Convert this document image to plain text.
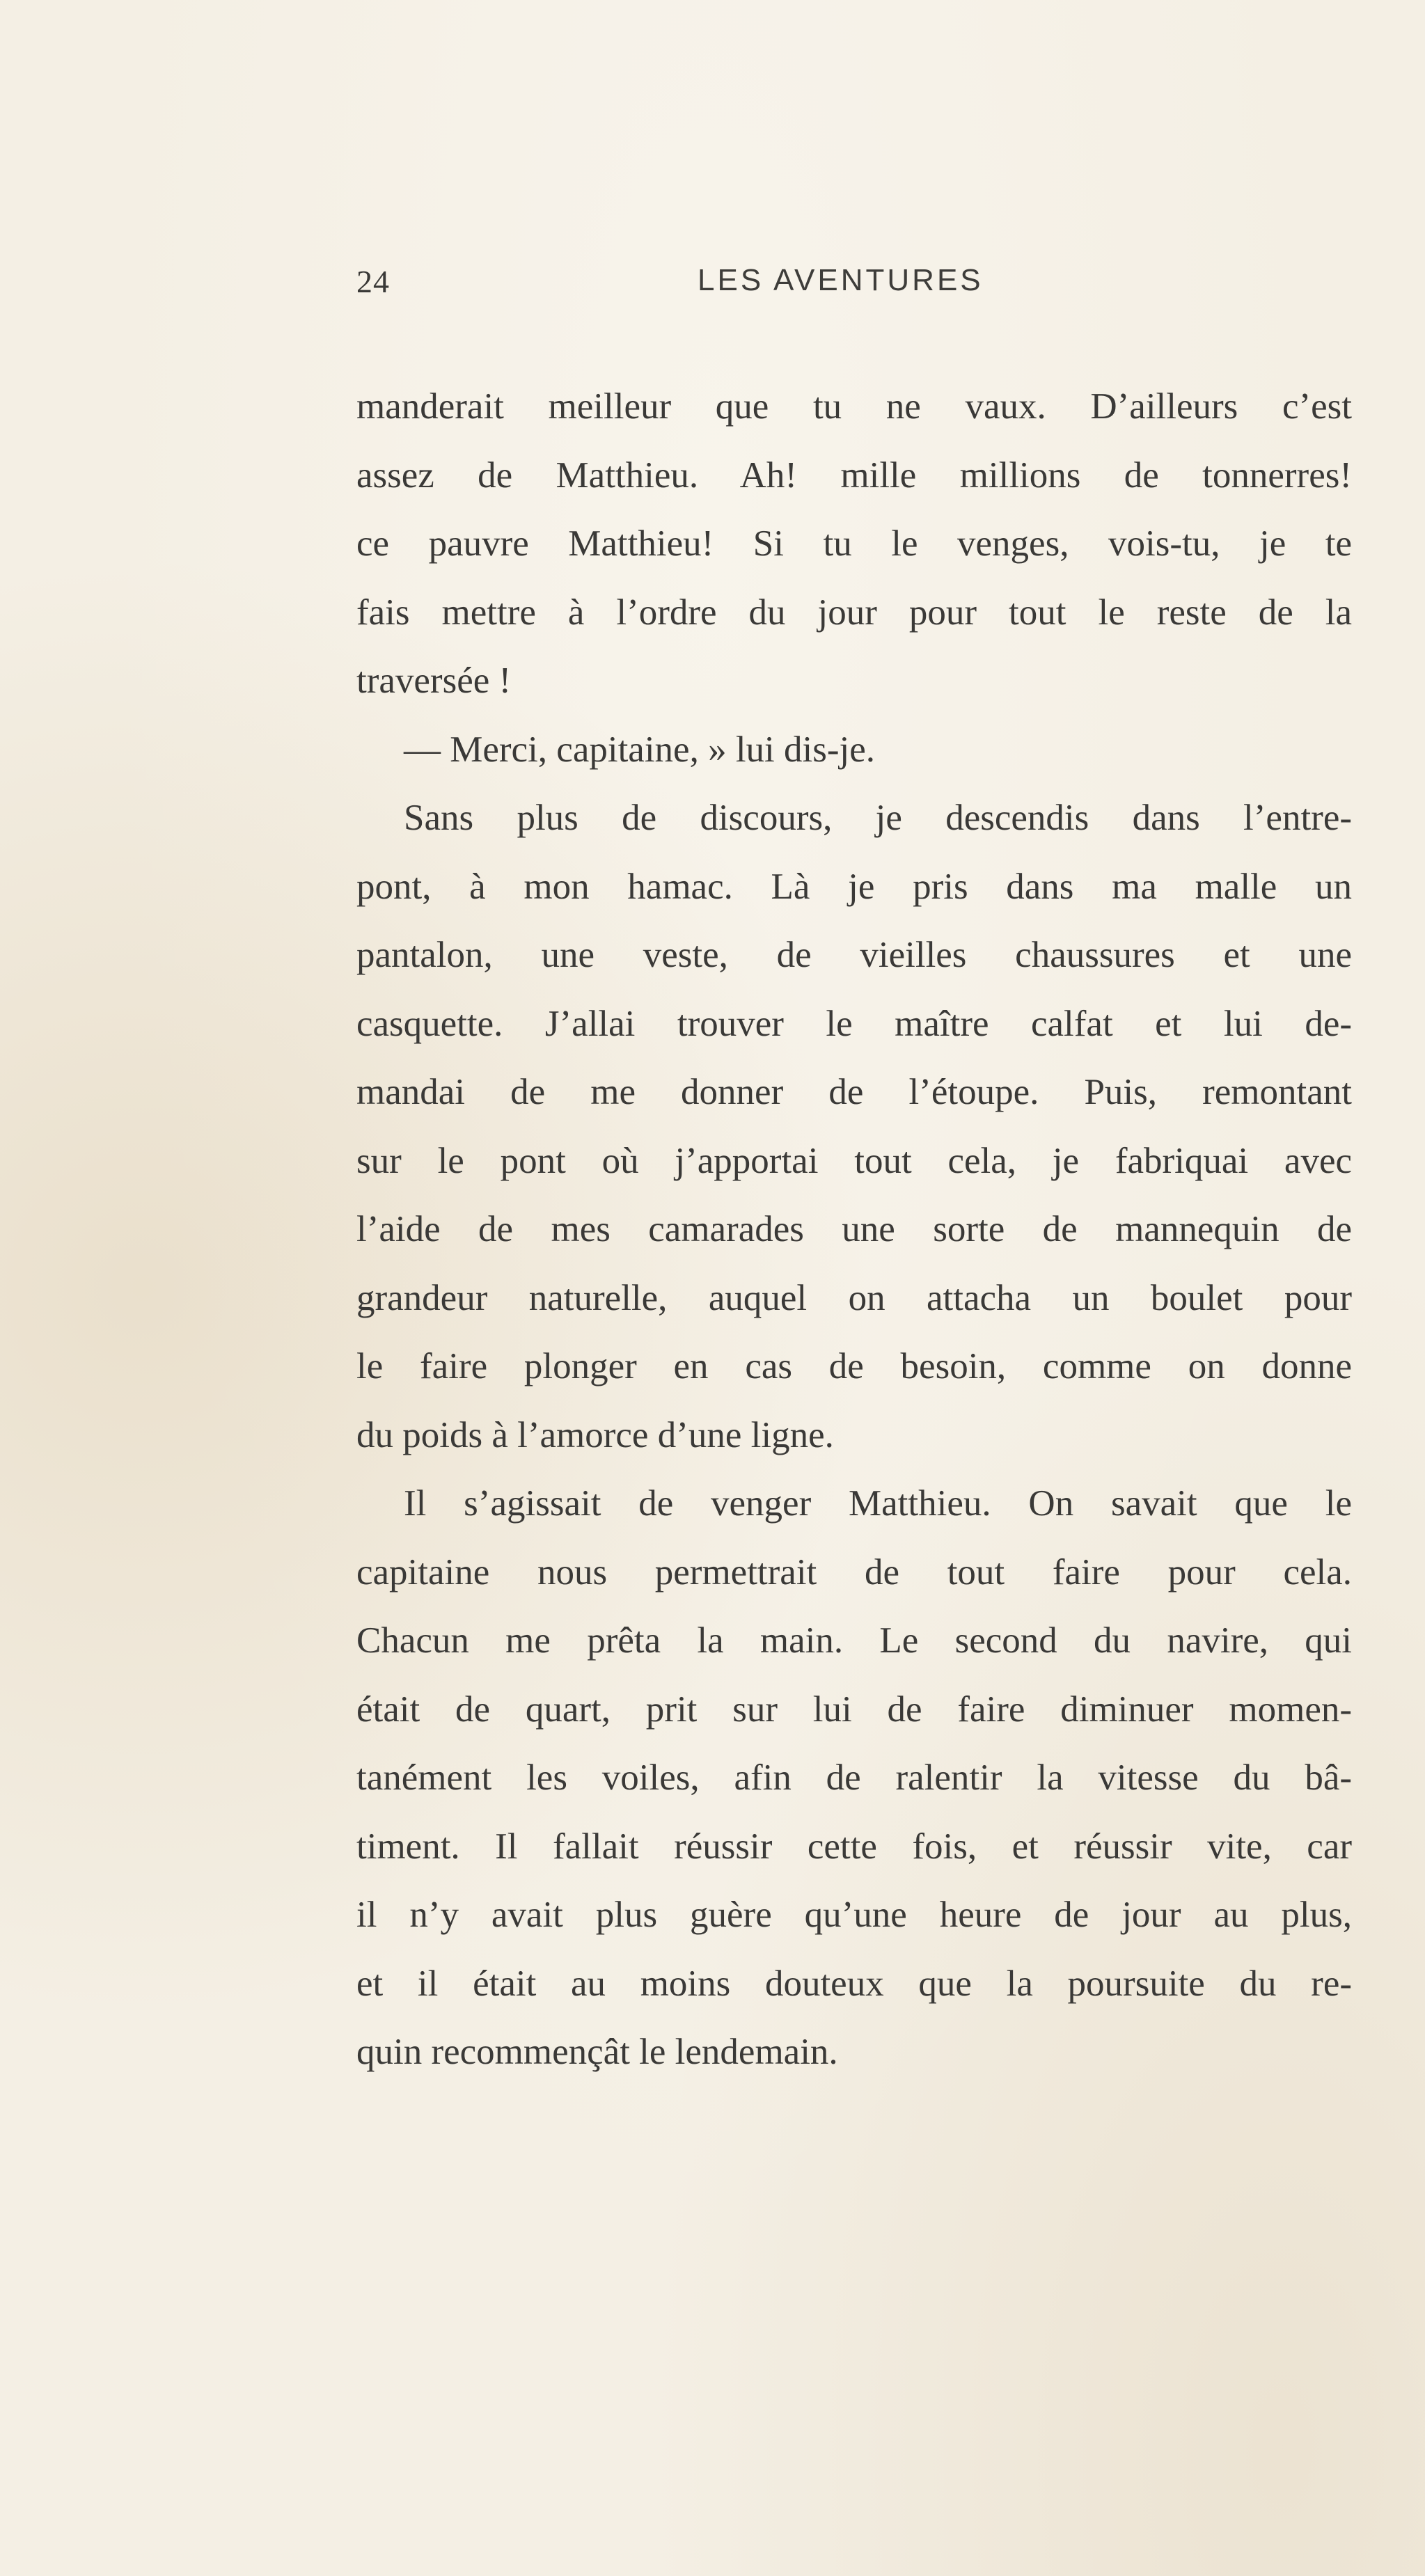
24	LES AVENTURES
manderait meilleur que tu ne vaux. D’ailleurs c’est
assez de Matthieu. Ah! mille millions de tonnerres!
ce pauvre Matthieu! Si tu le venges, vois-tu, je te
fais mettre à l’ordre du jour pour tout le reste de la
traversée !
— Merci, capitaine, » lui dis-je.
Sans plus de discours, je descendis dans l’entre-
pont, à mon hamac. Là je pris dans ma malle un
pantalon, une veste, de vieilles chaussures et une
casquette. J’allai trouver le maître calfat et lui de-
mandai de me donner de l’étoupe. Puis, remontant
sur le pont où j’apportai tout cela, je fabriquai avec
l’aide de mes camarades une sorte de mannequin de
grandeur naturelle, auquel on attacha un boulet pour
le faire plonger en cas de besoin, comme on donne
du poids à l’amorce d’une ligne.
Il s’agissait de venger Matthieu. On savait que le
capitaine nous permettrait de tout faire pour cela.
Chacun me prêta la main. Le second du navire, qui
était de quart, prit sur lui de faire diminuer momen-
tanément les voiles, afin de ralentir la vitesse du bâ-
timent. Il fallait réussir cette fois, et réussir vite, car
il n’y avait plus guère qu’une heure de jour au plus,
et il était au moins douteux que la poursuite du re-
quin recommençât le lendemain.
